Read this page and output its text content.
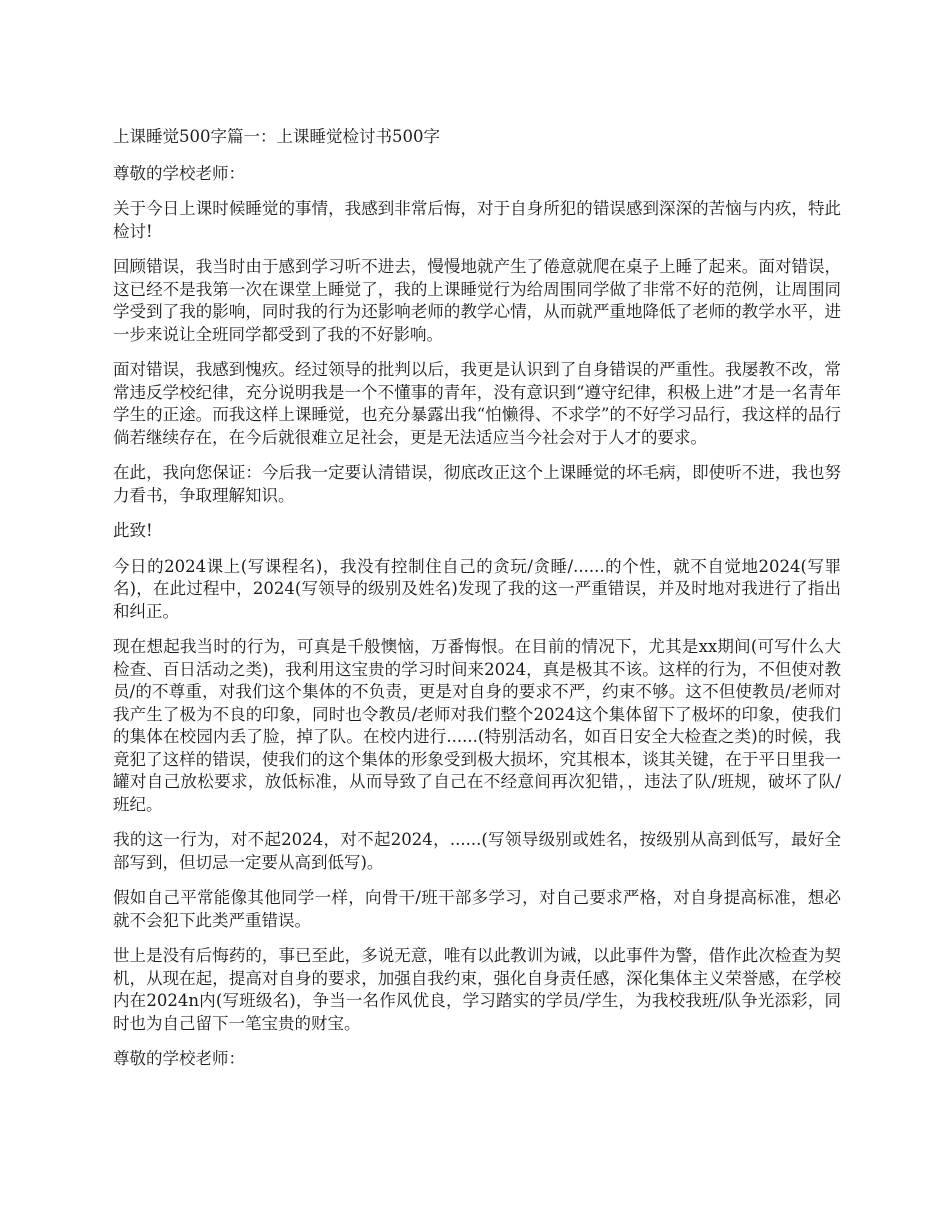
上课睡觉500字篇一：上课睡觉检讨书500字

尊敬的学校老师：

关于今日上课时候睡觉的事情，我感到非常后悔，对于自身所犯的错误感到深深的苦恼与内疚，特此检讨!

回顾错误，我当时由于感到学习听不进去，慢慢地就产生了倦意就爬在桌子上睡了起来。面对错误，这已经不是我第一次在课堂上睡觉了，我的上课睡觉行为给周围同学做了非常不好的范例，让周围同学受到了我的影响，同时我的行为还影响老师的教学心情，从而就严重地降低了老师的教学水平，进一步来说让全班同学都受到了我的不好影响。

面对错误，我感到愧疚。经过领导的批判以后，我更是认识到了自身错误的严重性。我屡教不改，常常违反学校纪律，充分说明我是一个不懂事的青年，没有意识到“遵守纪律，积极上进”才是一名青年学生的正途。而我这样上课睡觉，也充分暴露出我“怕懒得、不求学”的不好学习品行，我这样的品行倘若继续存在，在今后就很难立足社会，更是无法适应当今社会对于人才的要求。

在此，我向您保证：今后我一定要认清错误，彻底改正这个上课睡觉的坏毛病，即使听不进，我也努力看书，争取理解知识。

此致!

今日的2024课上(写课程名)，我没有控制住自己的贪玩/贪睡/......的个性，就不自觉地2024(写罪名)，在此过程中，2024(写领导的级别及姓名)发现了我的这一严重错误，并及时地对我进行了指出和纠正。

现在想起我当时的行为，可真是千般懊恼，万番悔恨。在目前的情况下，尤其是xx期间(可写什么大检查、百日活动之类)，我利用这宝贵的学习时间来2024，真是极其不该。这样的行为，不但使对教员/的不尊重，对我们这个集体的不负责，更是对自身的要求不严，约束不够。这不但使教员/老师对我产生了极为不良的印象，同时也令教员/老师对我们整个2024这个集体留下了极坏的印象，使我们的集体在校园内丢了脸，掉了队。在校内进行......(特别活动名，如百日安全大检查之类)的时候，我竟犯了这样的错误，使我们的这个集体的形象受到极大损坏，究其根本，谈其关键，在于平日里我一罐对自己放松要求，放低标准，从而导致了自己在不经意间再次犯错，，违法了队/班规，破坏了队/班纪。

我的这一行为，对不起2024，对不起2024，......(写领导级别或姓名，按级别从高到低写，最好全部写到，但切忌一定要从高到低写)。

假如自己平常能像其他同学一样，向骨干/班干部多学习，对自己要求严格，对自身提高标准，想必就不会犯下此类严重错误。

世上是没有后悔药的，事已至此，多说无意，唯有以此教训为诫，以此事件为警，借作此次检查为契机，从现在起，提高对自身的要求，加强自我约束，强化自身责任感，深化集体主义荣誉感，在学校内在2024n内(写班级名)，争当一名作风优良，学习踏实的学员/学生，为我校我班/队争光添彩，同时也为自己留下一笔宝贵的财宝。

尊敬的学校老师：
